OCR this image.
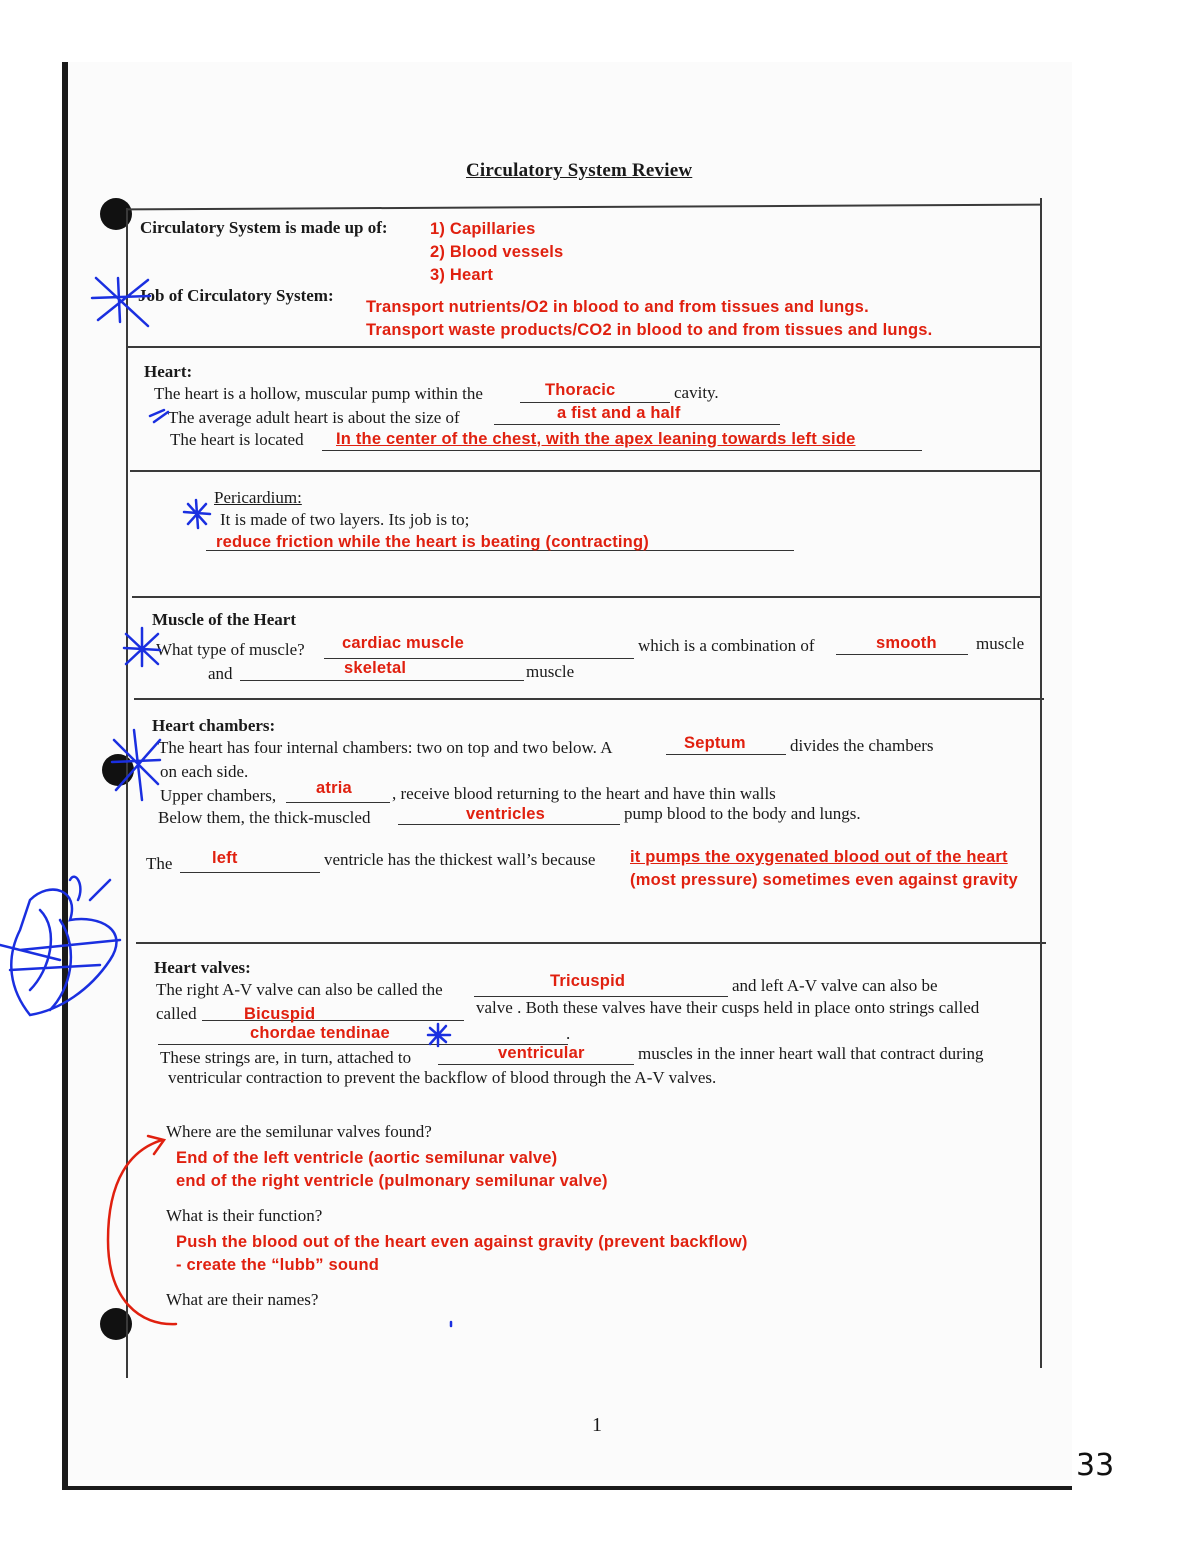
Circulatory System Review
Circulatory System is made up of:	1) Capillaries
2) Blood vessels
3) Heart
Job of Circulatory System:
Transport nutrients/O2 in blood to and from tissues and lungs.
Transport waste products/CO2 in blood to and from tissues and lungs.
Heart:
The heart is a hollow, muscular pump within the	Thoracic	cavity.
The average adult heart is about the size of	a fist and a half
The heart is located In the center of the chest, with the apex leaning towards left side
Pericardium:
It is made of two layers. Its job is to;
reduce friction while the heart is beating (contracting)
Muscle of the Heart
What type of muscle? cardiac muscle	which is a combination of	smooth muscle
and	skeletal	muscle
Heart chambers:
The heart has four internal chambers: two on top and two below. A	Septum	divides the chambers
on each side.
Upper chambers, atria , receive blood returning to the heart and have thin walls
Below them, the thick-muscled	ventricles	pump blood to the body and lungs.
The left	ventricle has the thickest wall’s because it pumps the oxygenated blood out of the heart
(most pressure) sometimes even against gravity
Heart valves:
The right A-V valve can also be called the	Tricuspid	and left A-V valve can also be
called	Bicuspid	valve . Both these valves have their cusps held in place onto strings called
chordae tendinae	.
These strings are, in turn, attached to	ventricular	muscles in the inner heart wall that contract during
ventricular contraction to prevent the backflow of blood through the A-V valves.
Where are the semilunar valves found?
End of the left ventricle (aortic semilunar valve)
end of the right ventricle (pulmonary semilunar valve)
What is their function?
Push the blood out of the heart even against gravity (prevent backflow)
- create the “lubb” sound
What are their names?
1
33
